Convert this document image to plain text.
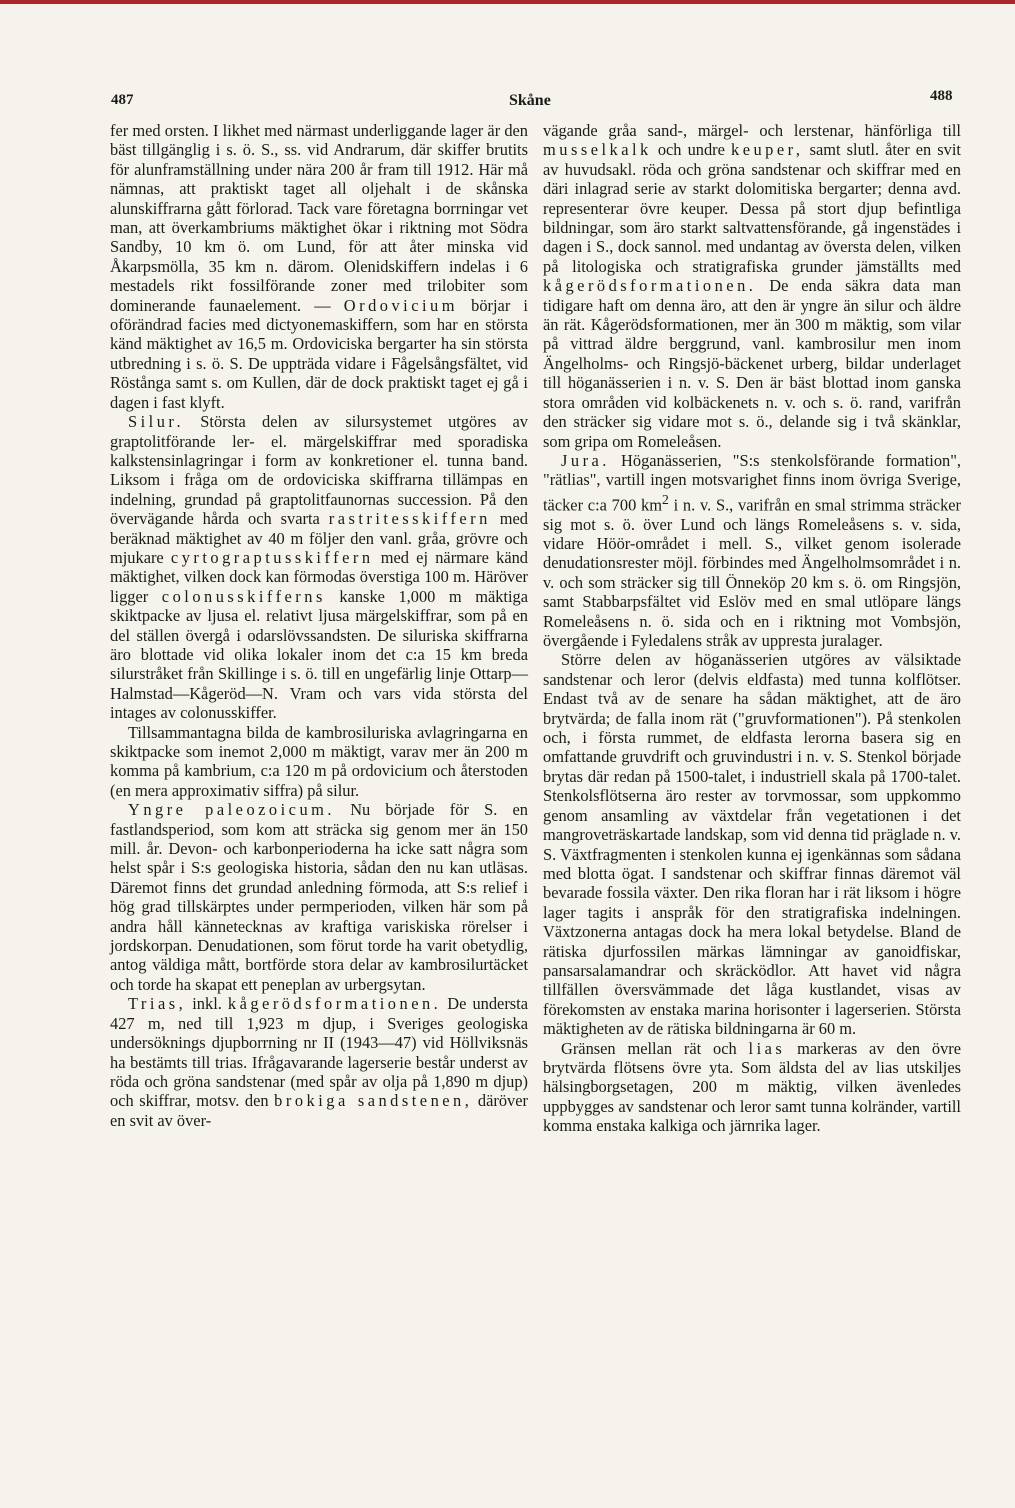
487	Skåne	488

fer med orsten. I likhet med närmast underliggande lager är den bäst tillgänglig i s. ö. S., ss. vid Andrarum, där skiffer brutits för alunframställning under nära 200 år fram till 1912. Här må nämnas, att praktiskt taget all oljehalt i de skånska alunskiffrarna gått förlorad. Tack vare företagna borrningar vet man, att överkambriums mäktighet ökar i riktning mot Södra Sandby, 10 km ö. om Lund, för att åter minska vid Åkarpsmölla, 35 km n. därom. Olenidskiffern indelas i 6 mestadels rikt fossilförande zoner med trilobiter som dominerande faunaelement. — Ordovicium börjar i oförändrad facies med dictyonemaskiffern, som har en största känd mäktighet av 16,5 m. Ordoviciska bergarter ha sin största utbredning i s. ö. S. De uppträda vidare i Fågelsångsfältet, vid Röstånga samt s. om Kullen, där de dock praktiskt taget ej gå i dagen i fast klyft.

Silur. Största delen av silursystemet utgöres av graptolitförande ler- el. märgelskiffrar med sporadiska kalkstensinlagringar i form av konkretioner el. tunna band. Liksom i fråga om de ordoviciska skiffrarna tillämpas en indelning, grundad på graptolitfaunornas succession. På den övervägande hårda och svarta rastritesskiffern med beräknad mäktighet av 40 m följer den vanl. gråa, grövre och mjukare cyrtograptusskiffern med ej närmare känd mäktighet, vilken dock kan förmodas överstiga 100 m. Häröver ligger colonusskifferns kanske 1,000 m mäktiga skiktpacke av ljusa el. relativt ljusa märgelskiffrar, som på en del ställen övergå i odarslövssandsten. De siluriska skiffrarna äro blottade vid olika lokaler inom det c:a 15 km breda silurstråket från Skillinge i s. ö. till en ungefärlig linje Ottarp—Halmstad—Kågeröd—N. Vram och vars vida största del intages av colonusskiffer.

Tillsammantagna bilda de kambrosiluriska avlagringarna en skiktpacke som inemot 2,000 m mäktigt, varav mer än 200 m komma på kambrium, c:a 120 m på ordovicium och återstoden (en mera approximativ siffra) på silur.

Yngre paleozoicum. Nu började för S. en fastlandsperiod, som kom att sträcka sig genom mer än 150 mill. år. Devon- och karbonperioderna ha icke satt några som helst spår i S:s geologiska historia, sådan den nu kan utläsas. Däremot finns det grundad anledning förmoda, att S:s relief i hög grad tillskärptes under permperioden, vilken här som på andra håll kännetecknas av kraftiga variskiska rörelser i jordskorpan. Denudationen, som förut torde ha varit obetydlig, antog väldiga mått, bortförde stora delar av kambrosilurtäcket och torde ha skapat ett peneplan av urbergsytan.

Trias, inkl. kågerödsformationen. De understa 427 m, ned till 1,923 m djup, i Sveriges geologiska undersöknings djupborrning nr II (1943—47) vid Höllviksnäs ha bestämts till trias. Ifrågavarande lagerserie består underst av röda och gröna sandstenar (med spår av olja på 1,890 m djup) och skiffrar, motsv. den brokiga sandstenen, däröver en svit av över-

vägande gråa sand-, märgel- och lerstenar, hänförliga till musselkalk och undre keuper, samt slutl. åter en svit av huvudsakl. röda och gröna sandstenar och skiffrar med en däri inlagrad serie av starkt dolomitiska bergarter; denna avd. representerar övre keuper. Dessa på stort djup befintliga bildningar, som äro starkt saltvattensförande, gå ingenstädes i dagen i S., dock sannol. med undantag av översta delen, vilken på litologiska och stratigrafiska grunder jämställts med kågerödsformationen. De enda säkra data man tidigare haft om denna äro, att den är yngre än silur och äldre än rät. Kågerödsformationen, mer än 300 m mäktig, som vilar på vittrad äldre berggrund, vanl. kambrosilur men inom Ängelholms- och Ringsjö-bäckenet urberg, bildar underlaget till höganässerien i n. v. S. Den är bäst blottad inom ganska stora områden vid kolbäckenets n. v. och s. ö. rand, varifrån den sträcker sig vidare mot s. ö., delande sig i två skänklar, som gripa om Romeleåsen.

Jura. Höganässerien, "S:s stenkolsförande formation", "rätlias", vartill ingen motsvarighet finns inom övriga Sverige, täcker c:a 700 $km^2$ i n. v. S., varifrån en smal strimma sträcker sig mot s. ö. över Lund och längs Romeleåsens s. v. sida, vidare Höör-området i mell. S., vilket genom isolerade denudationsrester möjl. förbindes med Ängelholmsområdet i n. v. och som sträcker sig till Önneköp 20 km s. ö. om Ringsjön, samt Stabbarpsfältet vid Eslöv med en smal utlöpare längs Romeleåsens n. ö. sida och en i riktning mot Vombsjön, övergående i Fyledalens stråk av uppresta juralager.

Större delen av höganässerien utgöres av välsiktade sandstenar och leror (delvis eldfasta) med tunna kolflötser. Endast två av de senare ha sådan mäktighet, att de äro brytvärda; de falla inom rät ("gruvformationen"). På stenkolen och, i första rummet, de eldfasta lerorna basera sig en omfattande gruvdrift och gruvindustri i n. v. S. Stenkol började brytas där redan på 1500-talet, i industriell skala på 1700-talet. Stenkolsflötserna äro rester av torvmossar, som uppkommo genom ansamling av växtdelar från vegetationen i det mangroveträskartade landskap, som vid denna tid präglade n. v. S. Växtfragmenten i stenkolen kunna ej igenkännas som sådana med blotta ögat. I sandstenar och skiffrar finnas däremot väl bevarade fossila växter. Den rika floran har i rät liksom i högre lager tagits i anspråk för den stratigrafiska indelningen. Växtzonerna antagas dock ha mera lokal betydelse. Bland de rätiska djurfossilen märkas lämningar av ganoidfiskar, pansarsalamandrar och skräcködlor. Att havet vid några tillfällen översvämmade det låga kustlandet, visas av förekomsten av enstaka marina horisonter i lagerserien. Största mäktigheten av de rätiska bildningarna är 60 m.

Gränsen mellan rät och lias markeras av den övre brytvärda flötsens övre yta. Som äldsta del av lias utskiljes hälsingborgsetagen, 200 m mäktig, vilken ävenledes uppbygges av sandstenar och leror samt tunna kolränder, vartill komma enstaka kalkiga och järnrika lager.
